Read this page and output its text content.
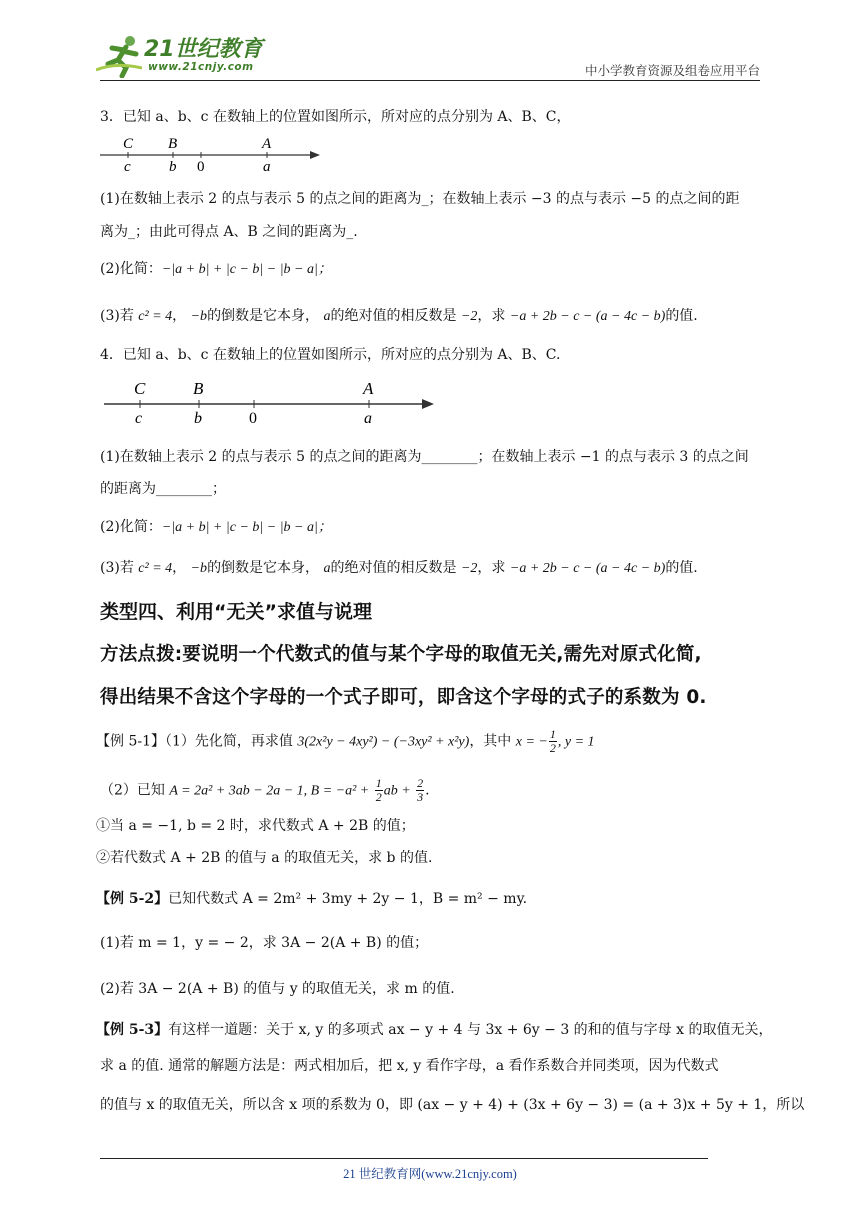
21世纪教育
www.21cnjy.com	中小学教育资源及组卷应用平台
3．已知 a、b、c 在数轴上的位置如图所示，所对应的点分别为 A、B、C，
C B	A
c	b 0	a
(1)在数轴上表示 2 的点与表示 5 的点之间的距离为_；在数轴上表示 −3 的点与表示 −5 的点之间的距
离为_；由此可得点 A、B 之间的距离为_.
(2)化简：−|a + b| + |c − b| − |b − a|；
(3)若 c² = 4， −b的倒数是它本身， a的绝对值的相反数是 −2，求 −a + 2b − c − (a − 4c − b)的值.
4．已知 a、b、c 在数轴上的位置如图所示，所对应的点分别为 A、B、C.
C	B	A
c	b	0	a
(1)在数轴上表示 2 的点与表示 5 的点之间的距离为________；在数轴上表示 −1 的点与表示 3 的点之间
的距离为________；
(2)化简：−|a + b| + |c − b| − |b − a|；
(3)若 c² = 4， −b的倒数是它本身， a的绝对值的相反数是 −2，求 −a + 2b − c − (a − 4c − b)的值.
类型四、利用“无关”求值与说理
方法点拨:要说明一个代数式的值与某个字母的取值无关,需先对原式化简,
得出结果不含这个字母的一个式子即可，即含这个字母的式子的系数为 0.
【例 5-1】（1）先化简，再求值 3(2x²y − 4xy²) − (−3xy² + x²y)，其中 x = − $\frac{1}{2}$ , y = 1
（2）已知 A = 2a² + 3ab − 2a − 1, $B = -a^2 + \frac{1}{2}$ ab + $\frac{2}{3}$ .
①当 a = −1, b = 2 时，求代数式 A + 2B 的值；
②若代数式 A + 2B 的值与 a 的取值无关，求 b 的值.
【例 5-2】已知代数式 A = 2m² + 3my + 2y − 1，B = m² − my.
(1)若 m = 1，y = − 2，求 3A − 2(A + B) 的值；
(2)若 3A − 2(A + B) 的值与 y 的取值无关，求 m 的值.
【例 5-3】有这样一道题：关于 x, y 的多项式 ax − y + 4 与 3x + 6y − 3 的和的值与字母 x 的取值无关，
求 a 的值. 通常的解题方法是：两式相加后，把 x, y 看作字母，a 看作系数合并同类项，因为代数式
的值与 x 的取值无关，所以含 x 项的系数为 0，即 (ax − y + 4) + (3x + 6y − 3) = (a + 3)x + 5y + 1，所以
21 世纪教育网(www.21cnjy.com)
